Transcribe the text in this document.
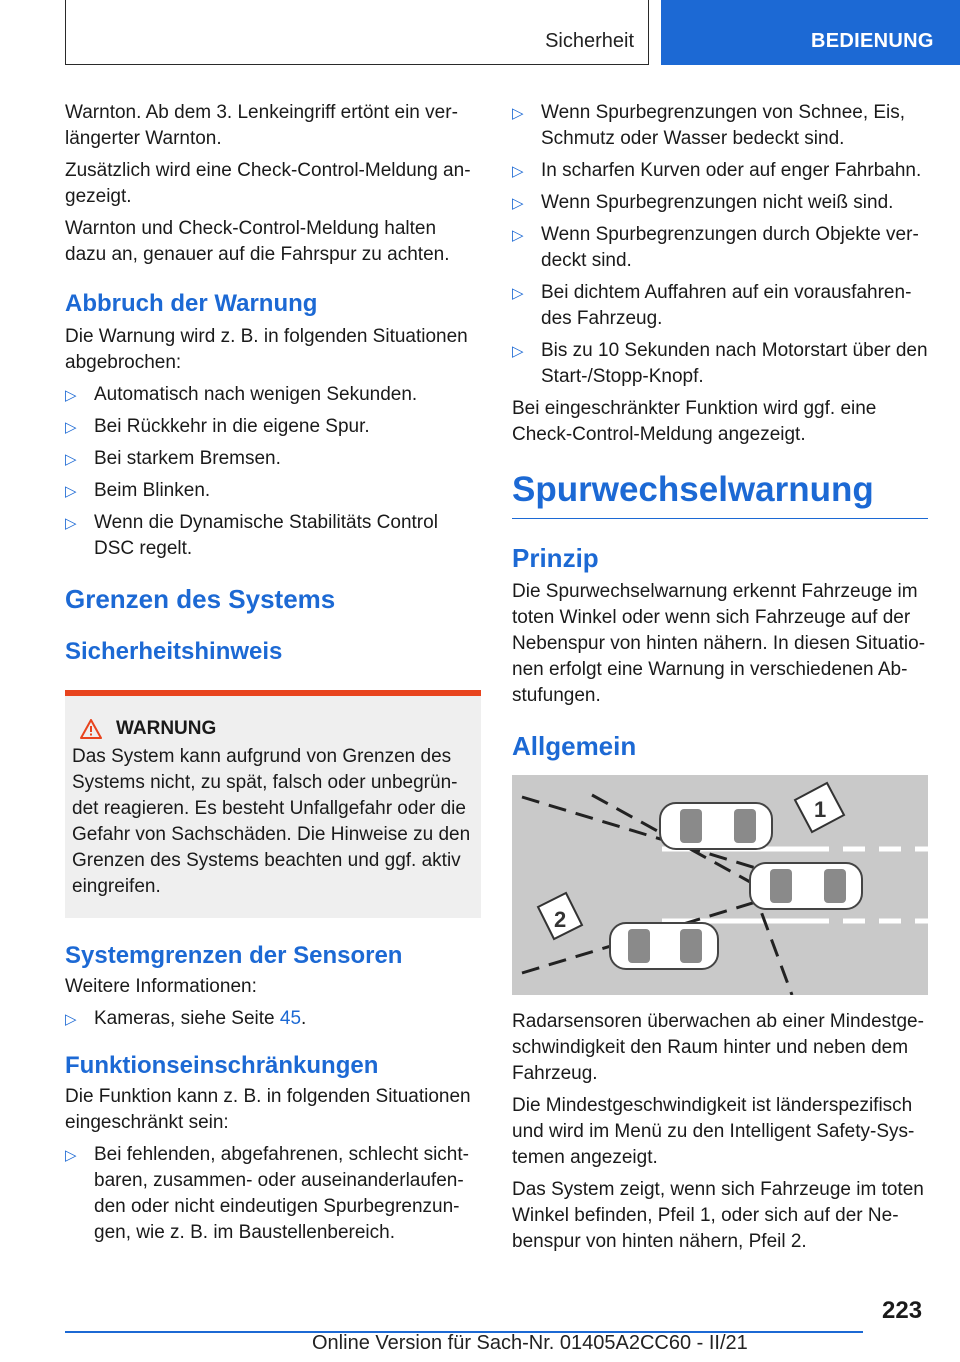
Sicherheit	BEDIENUNG

Warnton. Ab dem 3. Lenkeingriff ertönt ein verlängerter Warnton.

Zusätzlich wird eine Check-Control-Meldung angezeigt.

Warnton und Check-Control-Meldung halten dazu an, genauer auf die Fahrspur zu achten.

Abbruch der Warnung

Die Warnung wird z. B. in folgenden Situationen abgebrochen:

▷ Automatisch nach wenigen Sekunden.
▷ Bei Rückkehr in die eigene Spur.
▷ Bei starkem Bremsen.
▷ Beim Blinken.
▷ Wenn die Dynamische Stabilitäts Control DSC regelt.
Grenzen des Systems
Sicherheitshinweis
WARNUNG

Das System kann aufgrund von Grenzen des Systems nicht, zu spät, falsch oder unbegründet reagieren. Es besteht Unfallgefahr oder die Gefahr von Sachschäden. Die Hinweise zu den Grenzen des Systems beachten und ggf. aktiv eingreifen.

Systemgrenzen der Sensoren

Weitere Informationen:

▷ Kameras, siehe Seite 45.
Funktionseinschränkungen

Die Funktion kann z. B. in folgenden Situationen eingeschränkt sein:

▷ Bei fehlenden, abgefahrenen, schlecht sichtbaren, zusammen- oder auseinanderlaufenden oder nicht eindeutigen Spurbegrenzungen, wie z. B. im Baustellenbereich.
▷ Wenn Spurbegrenzungen von Schnee, Eis, Schmutz oder Wasser bedeckt sind.
▷ In scharfen Kurven oder auf enger Fahrbahn.
▷ Wenn Spurbegrenzungen nicht weiß sind.
▷ Wenn Spurbegrenzungen durch Objekte verdeckt sind.
▷ Bei dichtem Auffahren auf ein vorausfahrendes Fahrzeug.
▷ Bis zu 10 Sekunden nach Motorstart über den Start-/Stopp-Knopf.

Bei eingeschränkter Funktion wird ggf. eine Check-Control-Meldung angezeigt.

Spurwechselwarnung
Prinzip

Die Spurwechselwarnung erkennt Fahrzeuge im toten Winkel oder wenn sich Fahrzeuge auf der Nebenspur von hinten nähern. In diesen Situationen erfolgt eine Warnung in verschiedenen Abstufungen.

Allgemein
1
2

Radarsensoren überwachen ab einer Mindestgeschwindigkeit den Raum hinter und neben dem Fahrzeug.

Die Mindestgeschwindigkeit ist länderspezifisch und wird im Menü zu den Intelligent Safety-Systemen angezeigt.

Das System zeigt, wenn sich Fahrzeuge im toten Winkel befinden, Pfeil 1, oder sich auf der Nebenspur von hinten nähern, Pfeil 2.

223
Online Version für Sach-Nr. 01405A2CC60 - II/21
